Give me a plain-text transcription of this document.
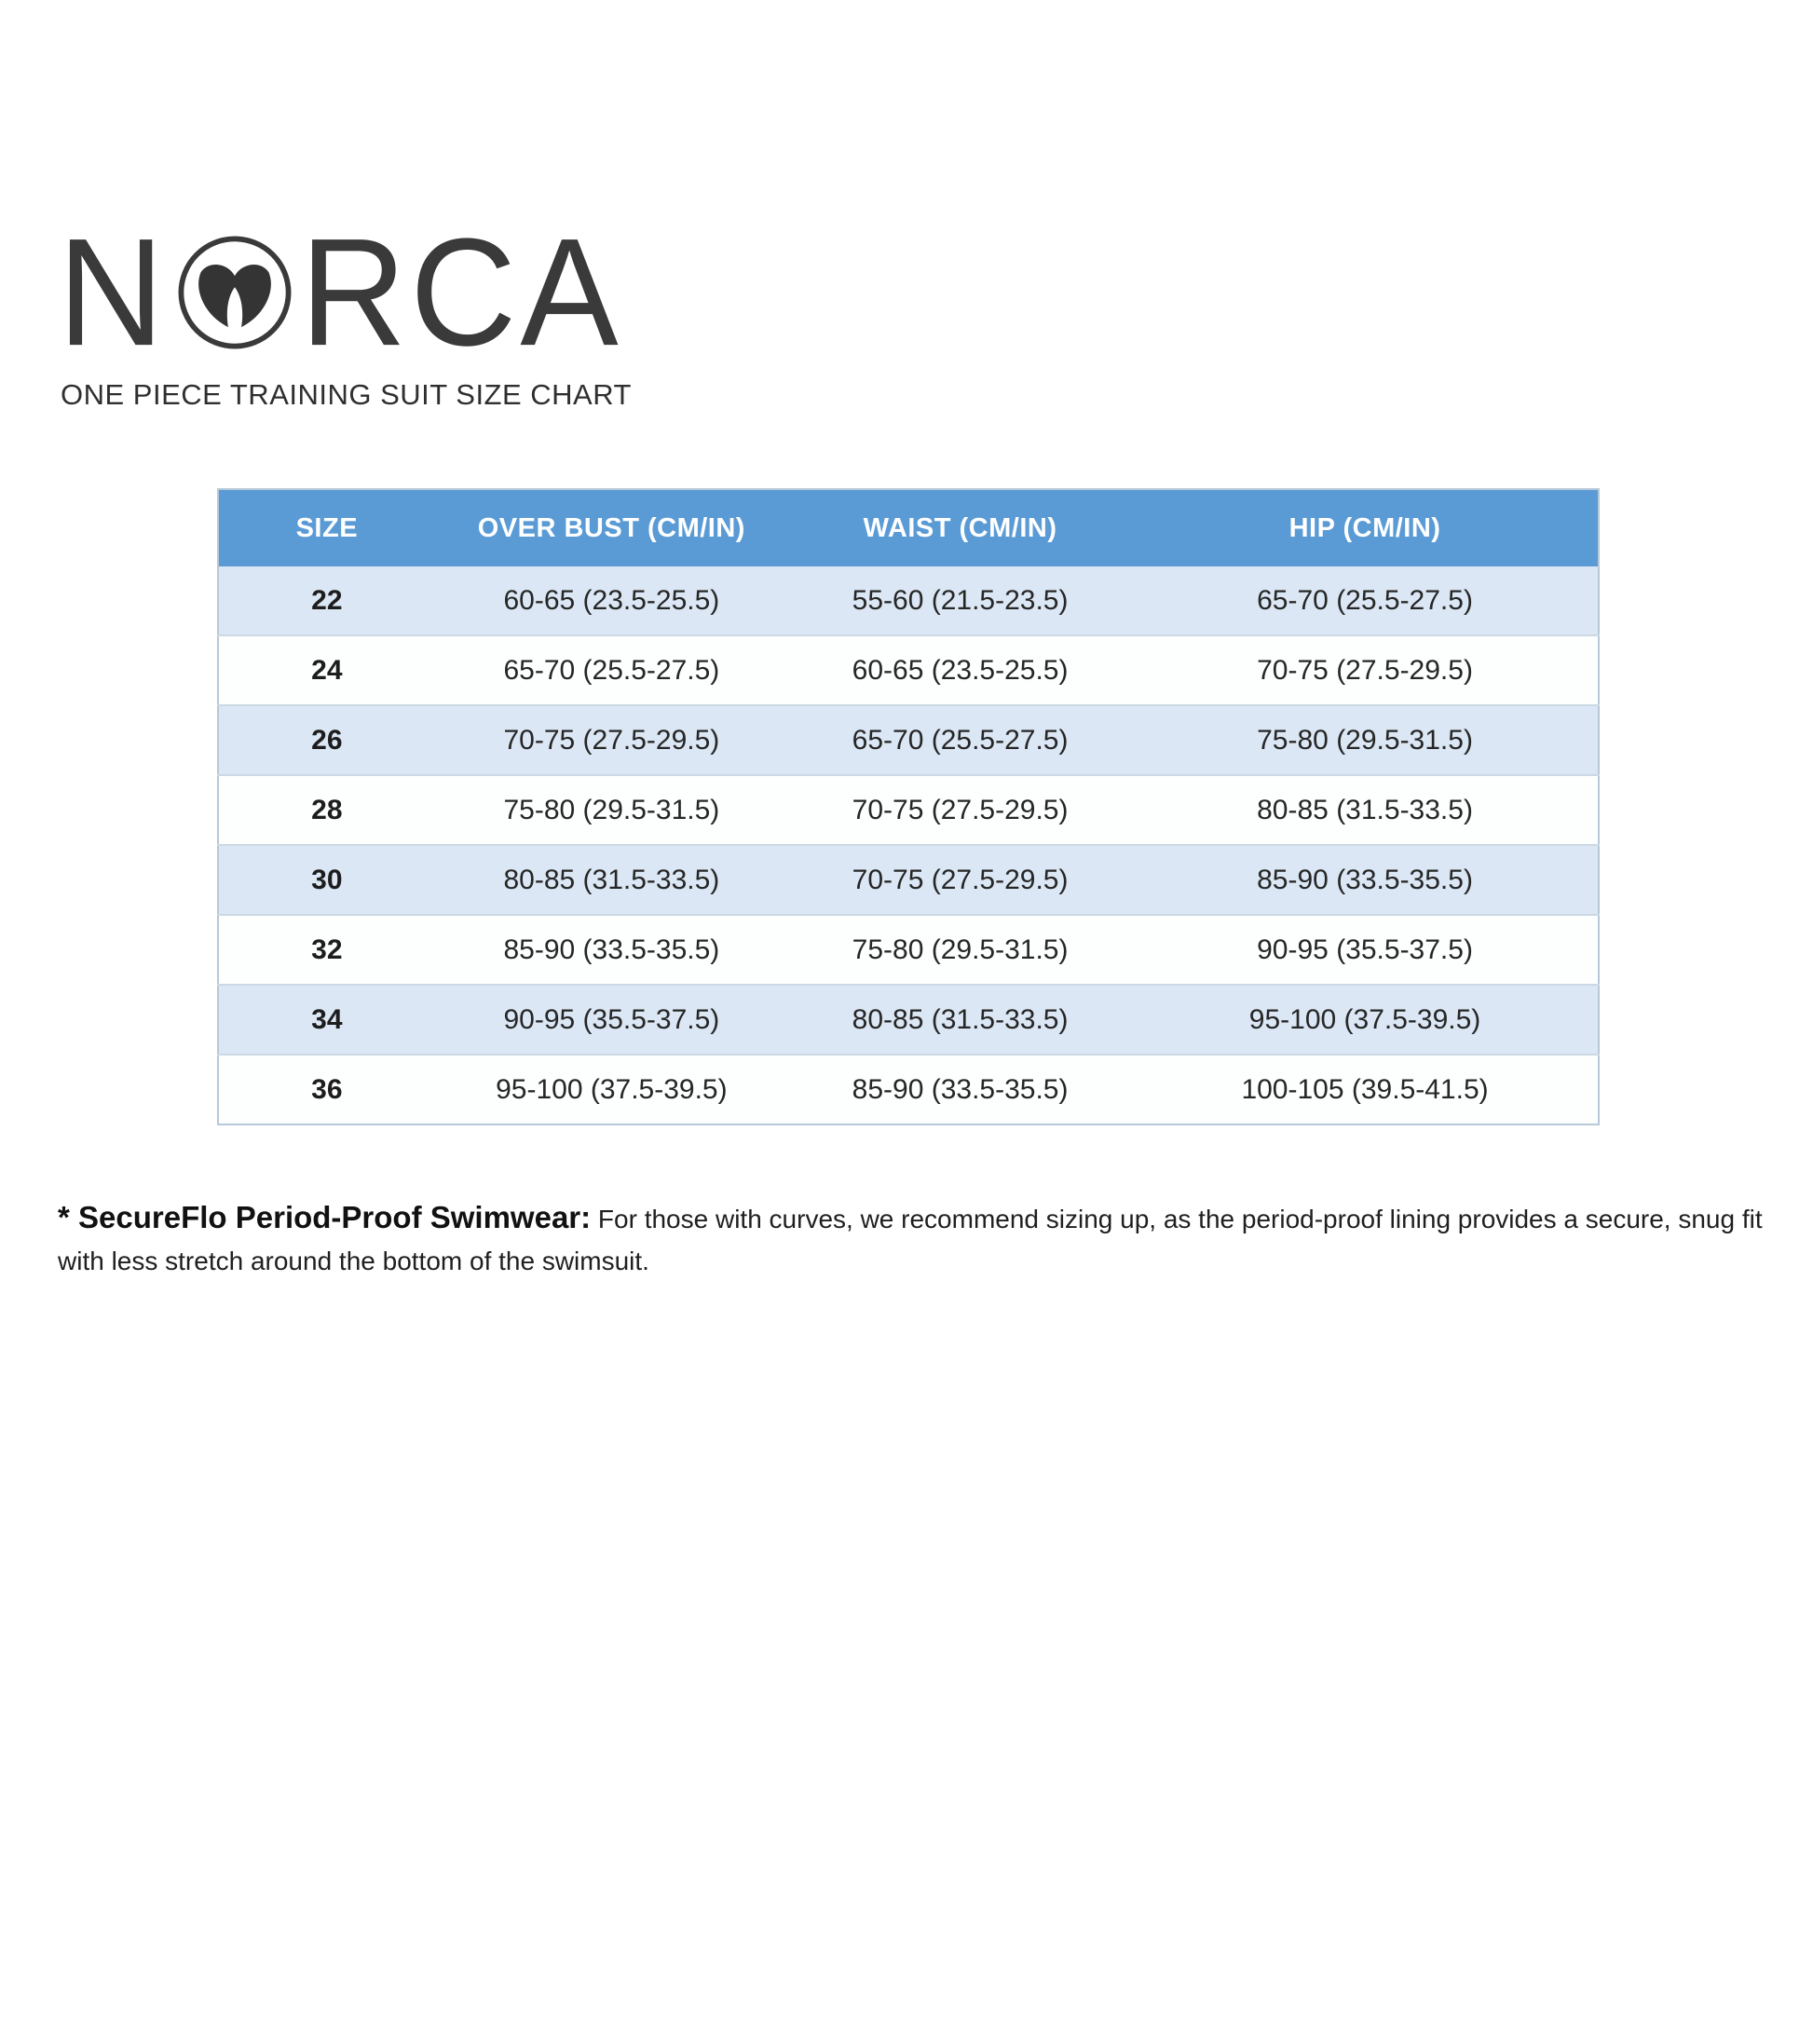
N RCA
ONE PIECE TRAINING SUIT SIZE CHART
SIZE	OVER BUST (CM/IN)	WAIST (CM/IN)	HIP (CM/IN)
22	60-65 (23.5-25.5)	55-60 (21.5-23.5)	65-70 (25.5-27.5)
24	65-70 (25.5-27.5)	60-65 (23.5-25.5)	70-75 (27.5-29.5)
26	70-75 (27.5-29.5)	65-70 (25.5-27.5)	75-80 (29.5-31.5)
28	75-80 (29.5-31.5)	70-75 (27.5-29.5)	80-85 (31.5-33.5)
30	80-85 (31.5-33.5)	70-75 (27.5-29.5)	85-90 (33.5-35.5)
32	85-90 (33.5-35.5)	75-80 (29.5-31.5)	90-95 (35.5-37.5)
34	90-95 (35.5-37.5)	80-85 (31.5-33.5)	95-100 (37.5-39.5)
36	95-100 (37.5-39.5)	85-90 (33.5-35.5)	100-105 (39.5-41.5)
* SecureFlo Period-Proof Swimwear: For those with curves, we recommend sizing up, as the period-proof lining provides a secure, snug fit with less stretch around the bottom of the swimsuit.
